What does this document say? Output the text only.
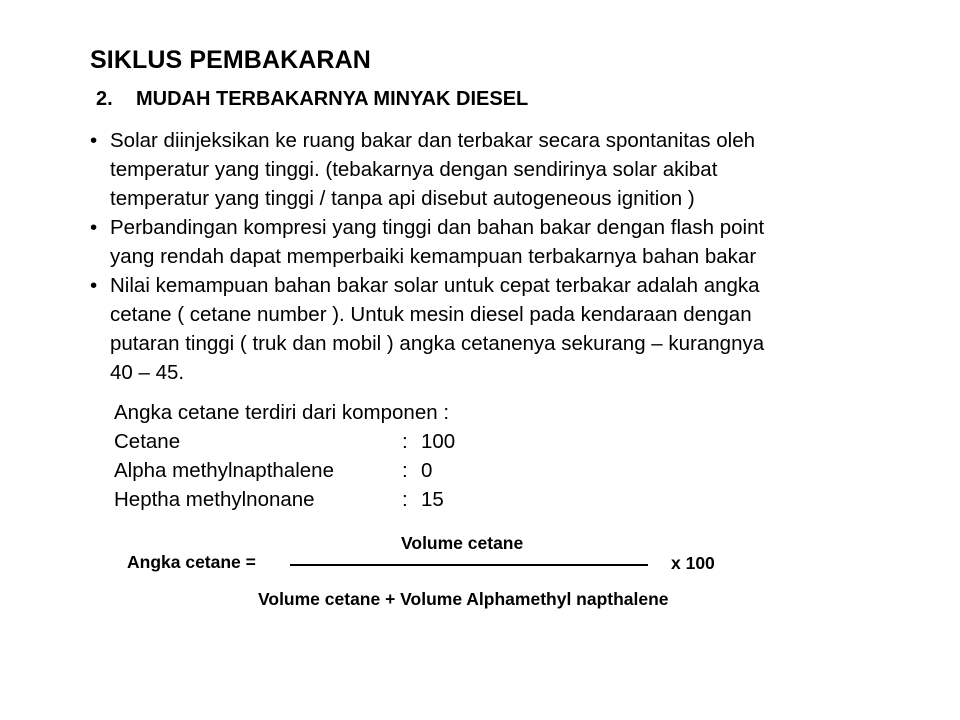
SIKLUS PEMBAKARAN
2. MUDAH TERBAKARNYA MINYAK DIESEL
• Solar diinjeksikan ke ruang bakar dan terbakar secara spontanitas oleh
temperatur yang tinggi. (tebakarnya dengan sendirinya solar akibat
temperatur yang tinggi / tanpa api disebut autogeneous ignition )
• Perbandingan kompresi yang tinggi dan bahan bakar dengan flash point
yang rendah dapat memperbaiki kemampuan terbakarnya bahan bakar
• Nilai kemampuan bahan bakar solar untuk cepat terbakar adalah angka
cetane ( cetane number ). Untuk mesin diesel pada kendaraan dengan
putaran tinggi ( truk dan mobil ) angka cetanenya sekurang – kurangnya
40 – 45.
Angka cetane terdiri dari komponen :
Cetane	: 100
Alpha methylnapthalene	: 0
Heptha methylnonane	: 15
Angka cetane =
Volume cetane
x 100
Volume cetane + Volume Alphamethyl napthalene
